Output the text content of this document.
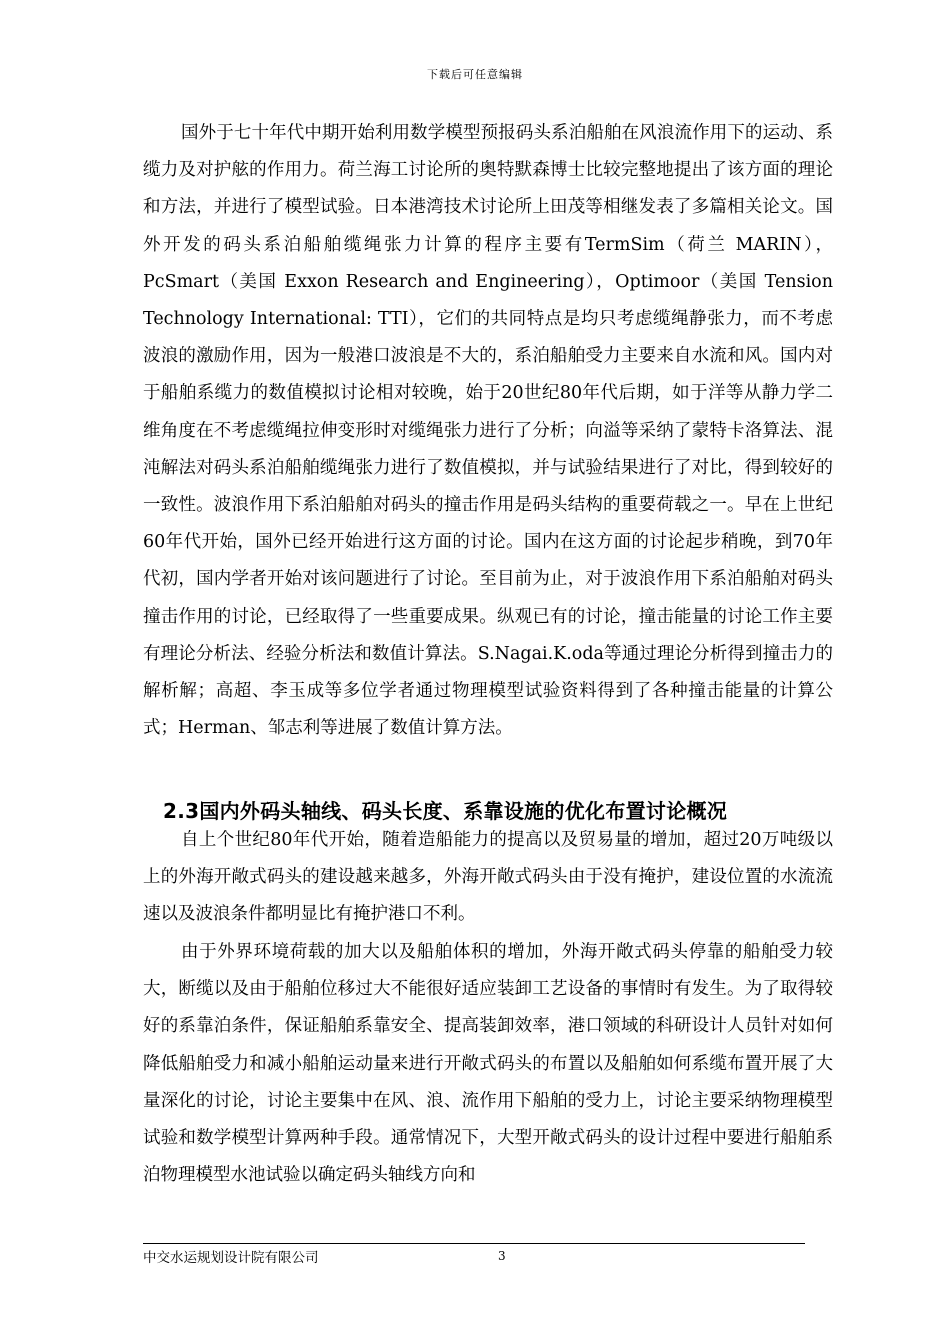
下载后可任意编辑

国外于七十年代中期开始利用数学模型预报码头系泊船舶在风浪流作用下的运动、系缆力及对护舷的作用力。荷兰海工讨论所的奥特默森博士比较完整地提出了该方面的理论和方法，并进行了模型试验。日本港湾技术讨论所上田茂等相继发表了多篇相关论文。国外开发的码头系泊船舶缆绳张力计算的程序主要有TermSim（荷兰 MARIN），PcSmart（美国 Exxon Research and Engineering），Optimoor（美国 Tension Technology International: TTI），它们的共同特点是均只考虑缆绳静张力，而不考虑波浪的激励作用，因为一般港口波浪是不大的，系泊船舶受力主要来自水流和风。国内对于船舶系缆力的数值模拟讨论相对较晚，始于20世纪80年代后期，如于洋等从静力学二维角度在不考虑缆绳拉伸变形时对缆绳张力进行了分析；向溢等采纳了蒙特卡洛算法、混沌解法对码头系泊船舶缆绳张力进行了数值模拟，并与试验结果进行了对比，得到较好的一致性。波浪作用下系泊船舶对码头的撞击作用是码头结构的重要荷载之一。早在上世纪60年代开始，国外已经开始进行这方面的讨论。国内在这方面的讨论起步稍晚，到70年代初，国内学者开始对该问题进行了讨论。至目前为止，对于波浪作用下系泊船舶对码头撞击作用的讨论，已经取得了一些重要成果。纵观已有的讨论，撞击能量的讨论工作主要有理论分析法、经验分析法和数值计算法。S.Nagai.K.oda等通过理论分析得到撞击力的解析解；高超、李玉成等多位学者通过物理模型试验资料得到了各种撞击能量的计算公式；Herman、邹志利等进展了数值计算方法。

2.3国内外码头轴线、码头长度、系靠设施的优化布置讨论概况

自上个世纪80年代开始，随着造船能力的提高以及贸易量的增加，超过20万吨级以上的外海开敞式码头的建设越来越多，外海开敞式码头由于没有掩护，建设位置的水流流速以及波浪条件都明显比有掩护港口不利。

由于外界环境荷载的加大以及船舶体积的增加，外海开敞式码头停靠的船舶受力较大，断缆以及由于船舶位移过大不能很好适应装卸工艺设备的事情时有发生。为了取得较好的系靠泊条件，保证船舶系靠安全、提高装卸效率，港口领域的科研设计人员针对如何降低船舶受力和减小船舶运动量来进行开敞式码头的布置以及船舶如何系缆布置开展了大量深化的讨论，讨论主要集中在风、浪、流作用下船舶的受力上，讨论主要采纳物理模型试验和数学模型计算两种手段。通常情况下，大型开敞式码头的设计过程中要进行船舶系泊物理模型水池试验以确定码头轴线方向和

中交水运规划设计院有限公司	3
